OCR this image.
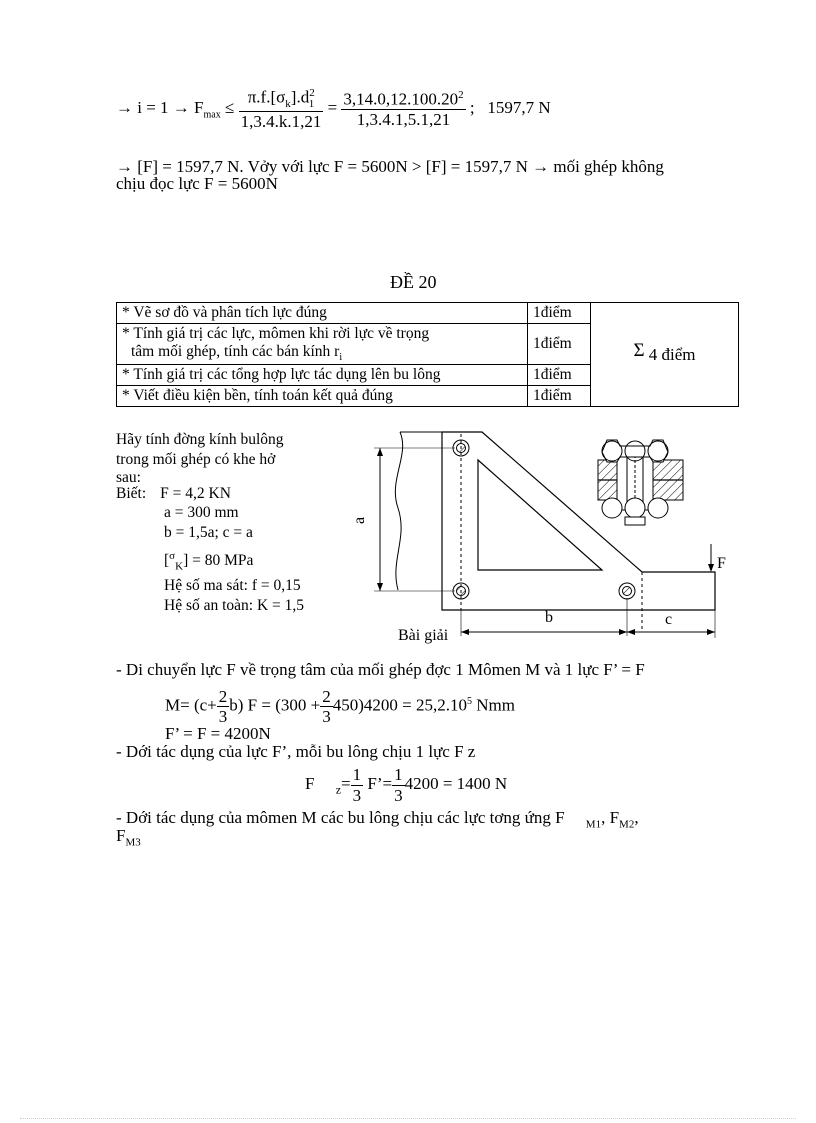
→ $i = 1 \to F_{max} \le \frac{\pi.f.[\sigma_k].d^2_1}{1,3.4.k.1,21} = \frac{3,14.0,12.100.20^2}{1,3.4.1,5.1,21}$ ; 1597,7 N
→ [F] = 1597,7 N. Vởy với lực F = 5600N > [F] = 1597,7 N → mối ghép không
chịu đọc lực F = 5600N
ĐỀ 20
* Vẽ sơ đồ và phân tích lực đúng	1điểm	Σ 4 điểm

* Tính giá trị các lực, mômen khi rời lực về trọng
tâm mối ghép, tính các bán kính $r_i$	1điểm	
* Tính giá trị các tổng hợp lực tác dụng lên bu lông	1điểm	
* Viết điều kiện bền, tính toán kết quả đúng	1điểm	
Hãy tính đờng kính bulông
trong mối ghép có khe hở
sau:
Biết: F = 4,2 KN
a = 300 mm
b = 1,5a; c = a
[$^\sigma_K$] = 80 MPa
Hệ số ma sát: f = 0,15
Hệ số an toàn: K = 1,5
a
b	c
F
Bài giải
- Di chuyển lực F về trọng tâm của mối ghép đợc 1 Mômen M và 1 lực F’ = F
$M= (c+ \frac{2}{3} b)$ $F = (300 + \frac{2}{3} 450)4200 = 25,2.10^5$ Nmm
F’ = F = 4200N
- Dới tác dụng của lực F’, mỗi bu lông chịu 1 lực F z
F $_z= \frac{1}{3}$ F’= $\frac{1}{3} 4200 = 1400$ N
- Dới tác dụng của mômen M các bu lông chịu các lực tơng ứng F $_{M1}$, $F_{M2}$,
$F_{M3}$
